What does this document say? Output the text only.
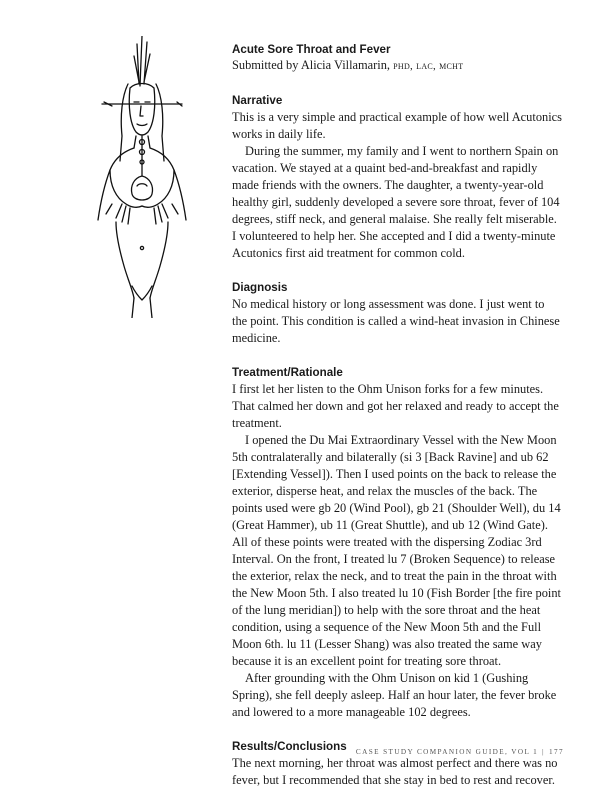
Acute Sore Throat and Fever

Submitted by Alicia Villamarin, phd, lac, mcht

Narrative

This is a very simple and practical example of how well Acutonics works in daily life.

During the summer, my family and I went to northern Spain on vacation. We stayed at a quaint bed-and-breakfast and rapidly made friends with the owners. The daughter, a twenty-year-old healthy girl, suddenly developed a severe sore throat, fever of 104 degrees, stiff neck, and general malaise. She really felt miserable. I volunteered to help her. She accepted and I did a twenty-minute Acutonics first aid treatment for common cold.

Diagnosis

No medical history or long assessment was done. I just went to the point. This condition is called a wind-heat invasion in Chinese medicine.

Treatment/Rationale

I first let her listen to the Ohm Unison forks for a few minutes. That calmed her down and got her relaxed and ready to accept the treatment.

I opened the Du Mai Extraordinary Vessel with the New Moon 5th contralaterally and bilaterally (si 3 [Back Ravine] and ub 62 [Extending Vessel]). Then I used points on the back to release the exterior, disperse heat, and relax the muscles of the back. The points used were gb 20 (Wind Pool), gb 21 (Shoulder Well), du 14 (Great Hammer), ub 11 (Great Shuttle), and ub 12 (Wind Gate). All of these points were treated with the dispersing Zodiac 3rd Interval. On the front, I treated lu 7 (Broken Sequence) to release the exterior, relax the neck, and to treat the pain in the throat with the New Moon 5th. I also treated lu 10 (Fish Border [the fire point of the lung meridian]) to help with the sore throat and the heat condition, using a sequence of the New Moon 5th and the Full Moon 6th. lu 11 (Lesser Shang) was also treated the same way because it is an excellent point for treating sore throat.

After grounding with the Ohm Unison on kid 1 (Gushing Spring), she fell deeply asleep. Half an hour later, the fever broke and lowered to a more manageable 102 degrees.

Results/Conclusions

The next morning, her throat was almost perfect and there was no fever, but I recommended that she stay in bed to rest and recover.

CASE STUDY COMPANION GUIDE, VOL 1 | 177
